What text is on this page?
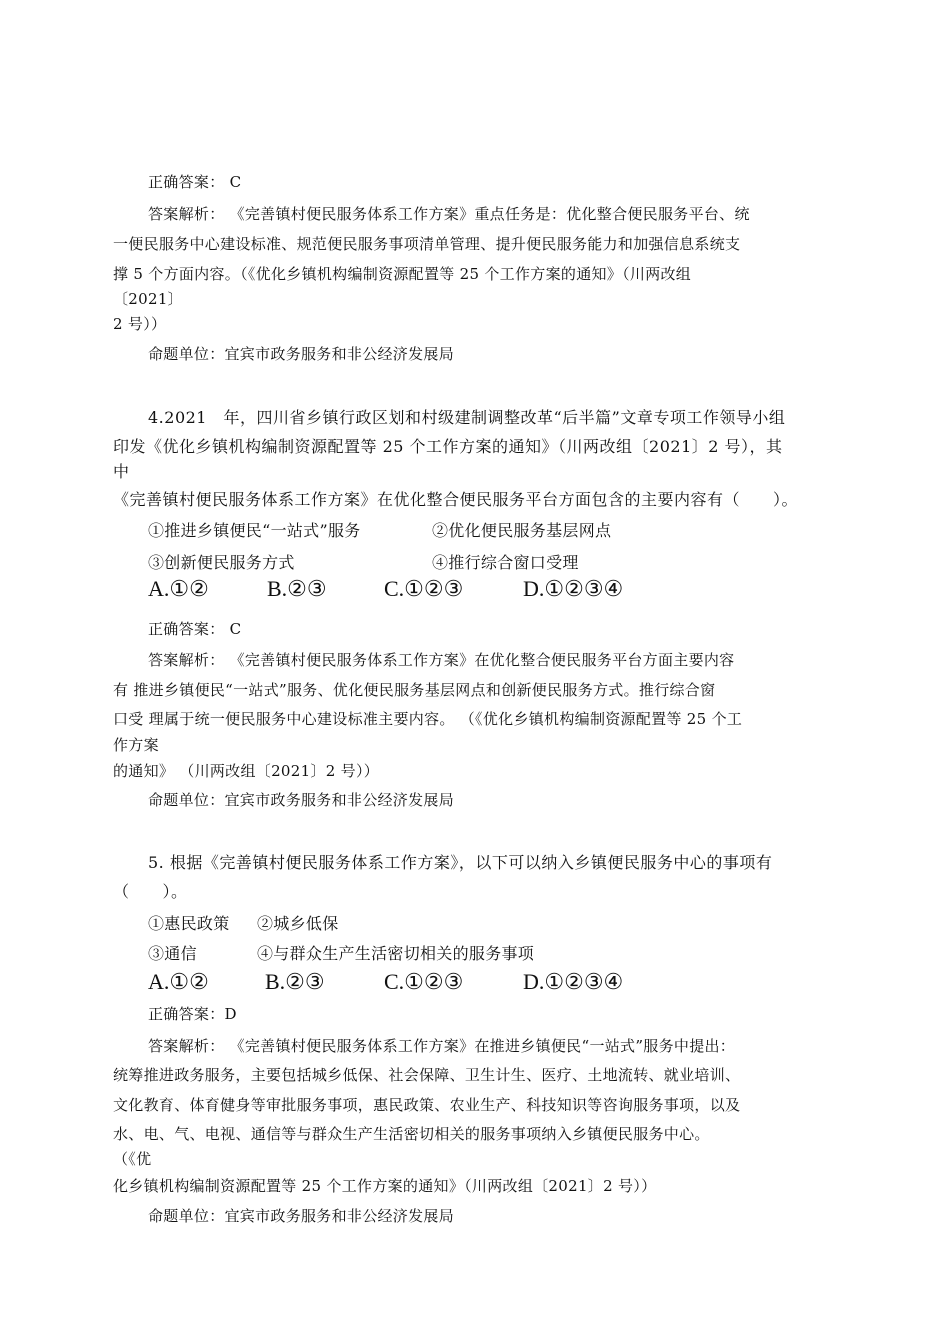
正确答案： C
答案解析： 《完善镇村便民服务体系工作方案》重点任务是：优化整合便民服务平台、统
一便民服务中心建设标准、规范便民服务事项清单管理、提升便民服务能力和加强信息系统支
撑 5 个方面内容。（《优化乡镇机构编制资源配置等 25 个工作方案的通知》（川两改组
〔2021〕
2 号））
命题单位：宜宾市政务服务和非公经济发展局
4.2021　年，四川省乡镇行政区划和村级建制调整改革“后半篇”文章专项工作领导小组
印发《优化乡镇机构编制资源配置等 25 个工作方案的通知》（川两改组〔2021〕2 号），其
中
《完善镇村便民服务体系工作方案》在优化整合便民服务平台方面包含的主要内容有（　　）。
①推进乡镇便民“一站式”服务	②优化便民服务基层网点
③创新便民服务方式	④推行综合窗口受理
A.①②	B.②③	C.①②③	D.①②③④
正确答案： C
答案解析： 《完善镇村便民服务体系工作方案》在优化整合便民服务平台方面主要内容
有 推进乡镇便民“一站式”服务、优化便民服务基层网点和创新便民服务方式。推行综合窗
口受 理属于统一便民服务中心建设标准主要内容。 （《优化乡镇机构编制资源配置等 25 个工
作方案
的通知》 （川两改组〔2021〕2 号））
命题单位：宜宾市政务服务和非公经济发展局
5. 根据《完善镇村便民服务体系工作方案》，以下可以纳入乡镇便民服务中心的事项有
（　　）。
①惠民政策 ②城乡低保
③通信	④与群众生产生活密切相关的服务事项
A.①②	B.②③	C.①②③	D.①②③④
正确答案：D
答案解析： 《完善镇村便民服务体系工作方案》在推进乡镇便民“一站式”服务中提出：
统筹推进政务服务，主要包括城乡低保、社会保障、卫生计生、医疗、土地流转、就业培训、
文化教育、体育健身等审批服务事项，惠民政策、农业生产、科技知识等咨询服务事项，以及
水、电、气、电视、通信等与群众生产生活密切相关的服务事项纳入乡镇便民服务中心。
（《优
化乡镇机构编制资源配置等 25 个工作方案的通知》（川两改组〔2021〕2 号））
命题单位：宜宾市政务服务和非公经济发展局
